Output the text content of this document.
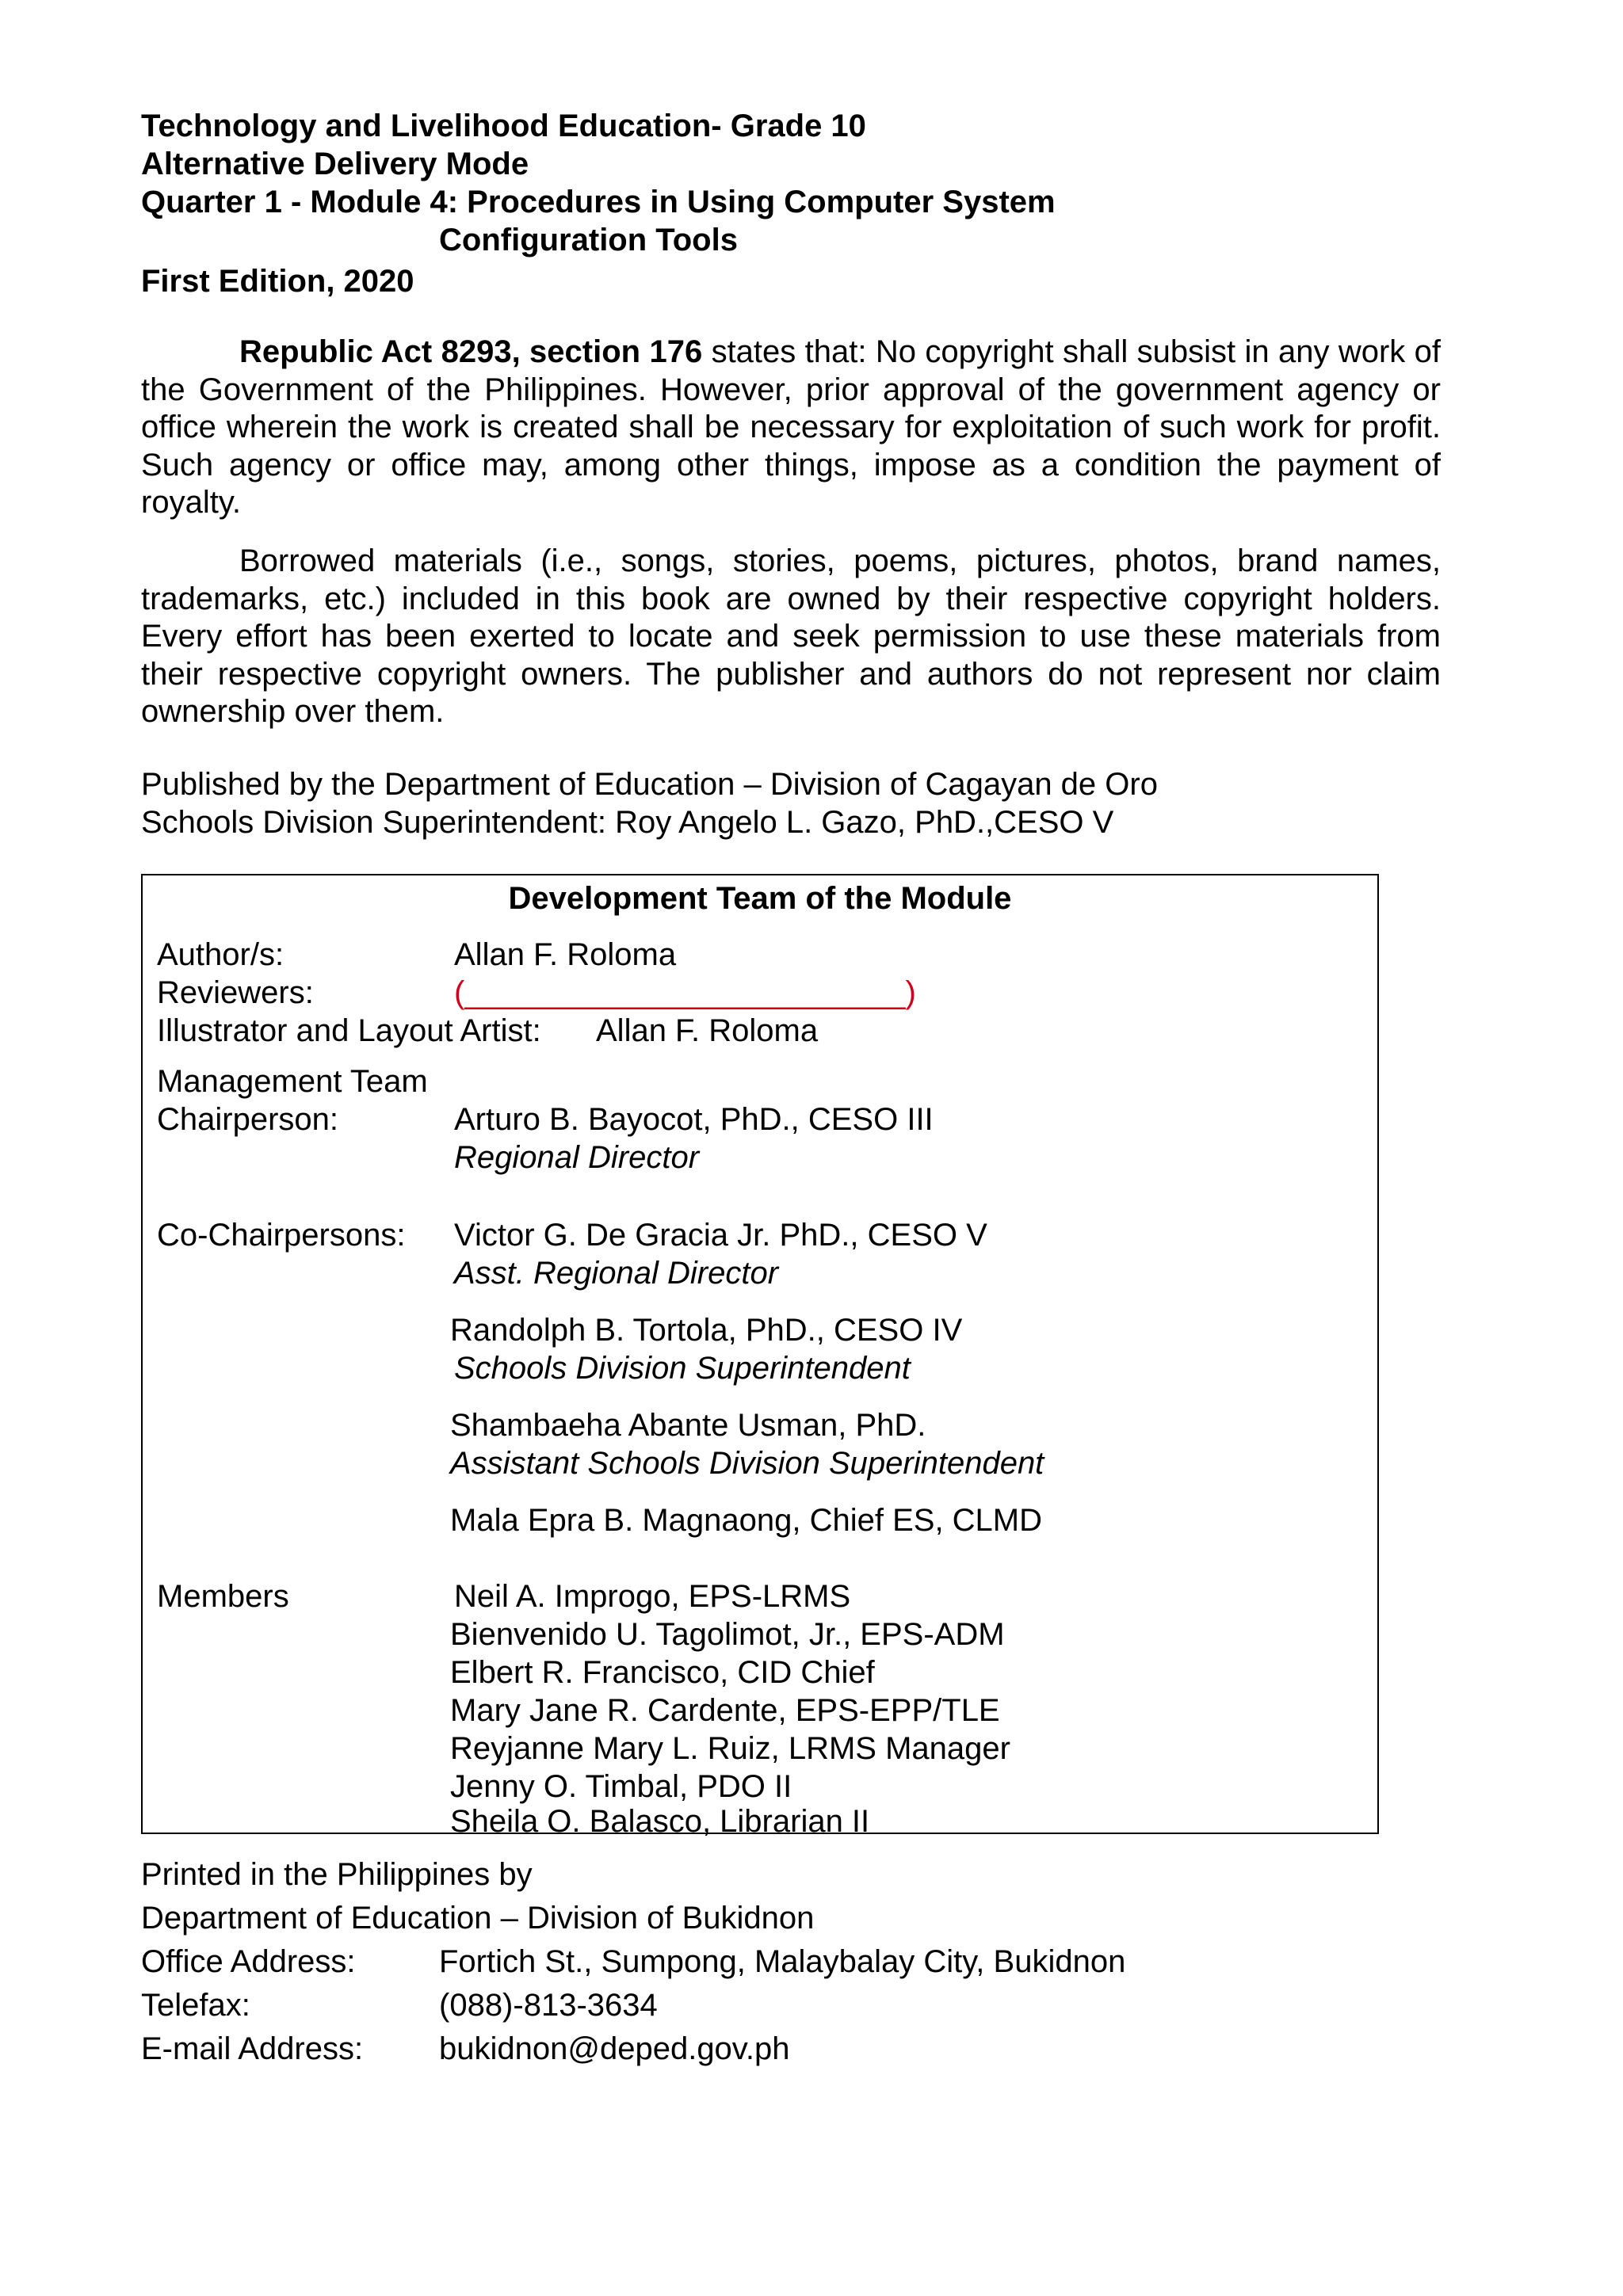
Technology and Livelihood Education- Grade 10
Alternative Delivery Mode
Quarter 1 - Module 4: Procedures in Using Computer System
Configuration Tools
First Edition, 2020

Republic Act 8293, section 176 states that: No copyright shall subsist in any work of the Government of the Philippines. However, prior approval of the government agency or office wherein the work is created shall be necessary for exploitation of such work for profit. Such agency or office may, among other things, impose as a condition the payment of royalty.

Borrowed materials (i.e., songs, stories, poems, pictures, photos, brand names, trademarks, etc.) included in this book are owned by their respective copyright holders. Every effort has been exerted to locate and seek permission to use these materials from their respective copyright owners. The publisher and authors do not represent nor claim ownership over them.

Published by the Department of Education – Division of Cagayan de Oro
Schools Division Superintendent: Roy Angelo L. Gazo, PhD.,CESO V
Development Team of the Module
Author/s:	Allan F. Roloma
Reviewers:	(_________________________)
Illustrator and Layout Artist: Allan F. Roloma
Management Team
Chairperson:	Arturo B. Bayocot, PhD., CESO III
Regional Director
Co-Chairpersons: Victor G. De Gracia Jr. PhD., CESO V
Asst. Regional Director
Randolph B. Tortola, PhD., CESO IV
Schools Division Superintendent
Shambaeha Abante Usman, PhD.
Assistant Schools Division Superintendent
Mala Epra B. Magnaong, Chief ES, CLMD
Members	Neil A. Improgo, EPS-LRMS
Bienvenido U. Tagolimot, Jr., EPS-ADM
Elbert R. Francisco, CID Chief
Mary Jane R. Cardente, EPS-EPP/TLE
Reyjanne Mary L. Ruiz, LRMS Manager
Jenny O. Timbal, PDO II
Sheila O. Balasco, Librarian II
Printed in the Philippines by
Department of Education – Division of Bukidnon
Office Address:	Fortich St., Sumpong, Malaybalay City, Bukidnon
Telefax:	(088)-813-3634
E-mail Address: bukidnon@deped.gov.ph
